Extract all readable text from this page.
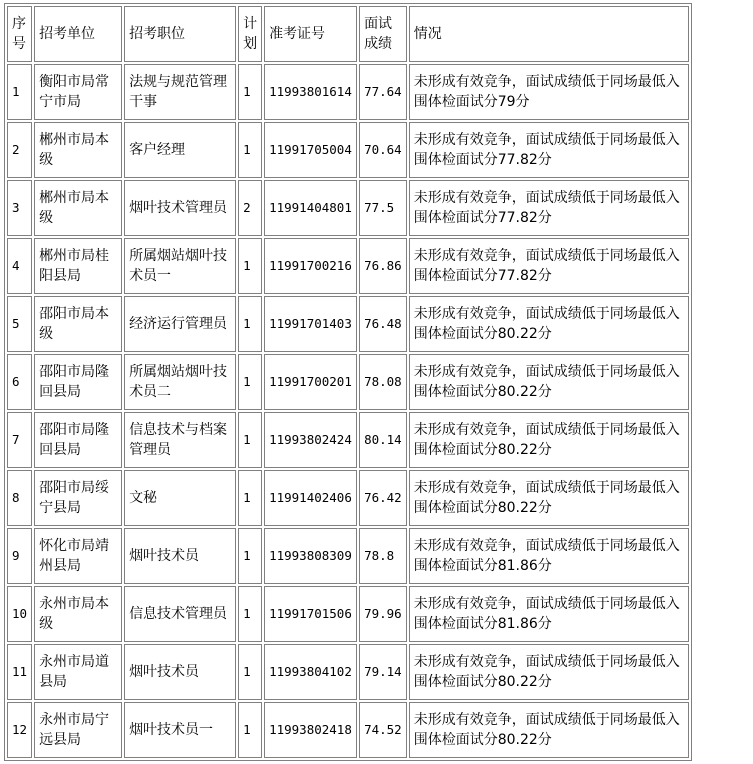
序号	招考单位	招考职位	计划	准考证号	面试成绩	情况
1	衡阳市局常宁市局	法规与规范管理干事	1	11993801614	77.64	未形成有效竞争，面试成绩低于同场最低入围体检面试分79分
2	郴州市局本级	客户经理	1	11991705004	70.64	未形成有效竞争，面试成绩低于同场最低入围体检面试分77.82分
3	郴州市局本级	烟叶技术管理员	2	11991404801	77.5	未形成有效竞争，面试成绩低于同场最低入围体检面试分77.82分
4	郴州市局桂阳县局	所属烟站烟叶技术员一	1	11991700216	76.86	未形成有效竞争，面试成绩低于同场最低入围体检面试分77.82分
5	邵阳市局本级	经济运行管理员	1	11991701403	76.48	未形成有效竞争，面试成绩低于同场最低入围体检面试分80.22分
6	邵阳市局隆回县局	所属烟站烟叶技术员二	1	11991700201	78.08	未形成有效竞争，面试成绩低于同场最低入围体检面试分80.22分
7	邵阳市局隆回县局	信息技术与档案管理员	1	11993802424	80.14	未形成有效竞争，面试成绩低于同场最低入围体检面试分80.22分
8	邵阳市局绥宁县局	文秘	1	11991402406	76.42	未形成有效竞争，面试成绩低于同场最低入围体检面试分80.22分
9	怀化市局靖州县局	烟叶技术员	1	11993808309	78.8	未形成有效竞争，面试成绩低于同场最低入围体检面试分81.86分
10	永州市局本级	信息技术管理员	1	11991701506	79.96	未形成有效竞争，面试成绩低于同场最低入围体检面试分81.86分
11	永州市局道县局	烟叶技术员	1	11993804102	79.14	未形成有效竞争，面试成绩低于同场最低入围体检面试分80.22分
12	永州市局宁远县局	烟叶技术员一	1	11993802418	74.52	未形成有效竞争，面试成绩低于同场最低入围体检面试分80.22分
